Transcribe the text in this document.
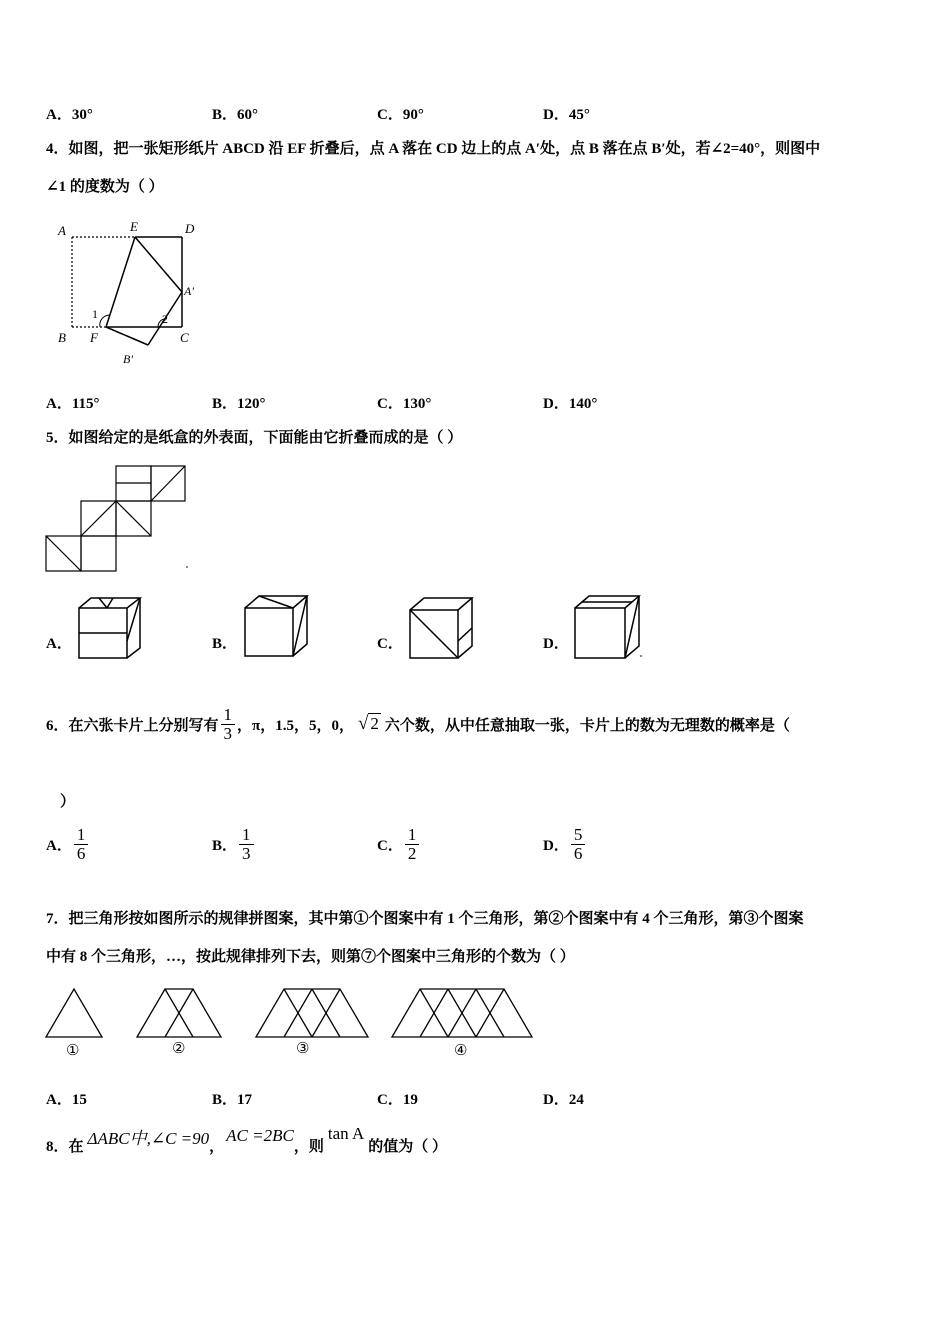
A．30°	B．60°	C．90°	D．45°
4．如图，把一张矩形纸片 ABCD 沿 EF 折叠后，点 A 落在 CD 边上的点 A′处，点 B 落在点 B′处，若∠2=40°，则图中
∠1 的度数为（ ）
A	E	D
A'
1	2
B F	C
B'
A．115°	B．120°	C．130°	D．140°
5．如图给定的是纸盒的外表面，下面能由它折叠而成的是（ ）
A．	B．	C．	D．
6．在六张卡片上分别写有 $\frac{1}{3}$ ，π，1.5，5，0， √ 2 六个数，从中任意抽取一张，卡片上的数为无理数的概率是（
）
A． $\frac{1}{6}$	B． $\frac{1}{3}$	C． $\frac{1}{2}$	D． $\frac{5}{6}$
7．把三角形按如图所示的规律拼图案，其中第①个图案中有 1 个三角形，第②个图案中有 4 个三角形，第③个图案
中有 8 个三角形，…，按此规律排列下去，则第⑦个图案中三角形的个数为（ ）
①	②	③	④
A．15	B．17	C．19	D．24
8．在 ΔABC中,∠C =90 ，
AC =2BC
，则
tan A
的值为（ ）
